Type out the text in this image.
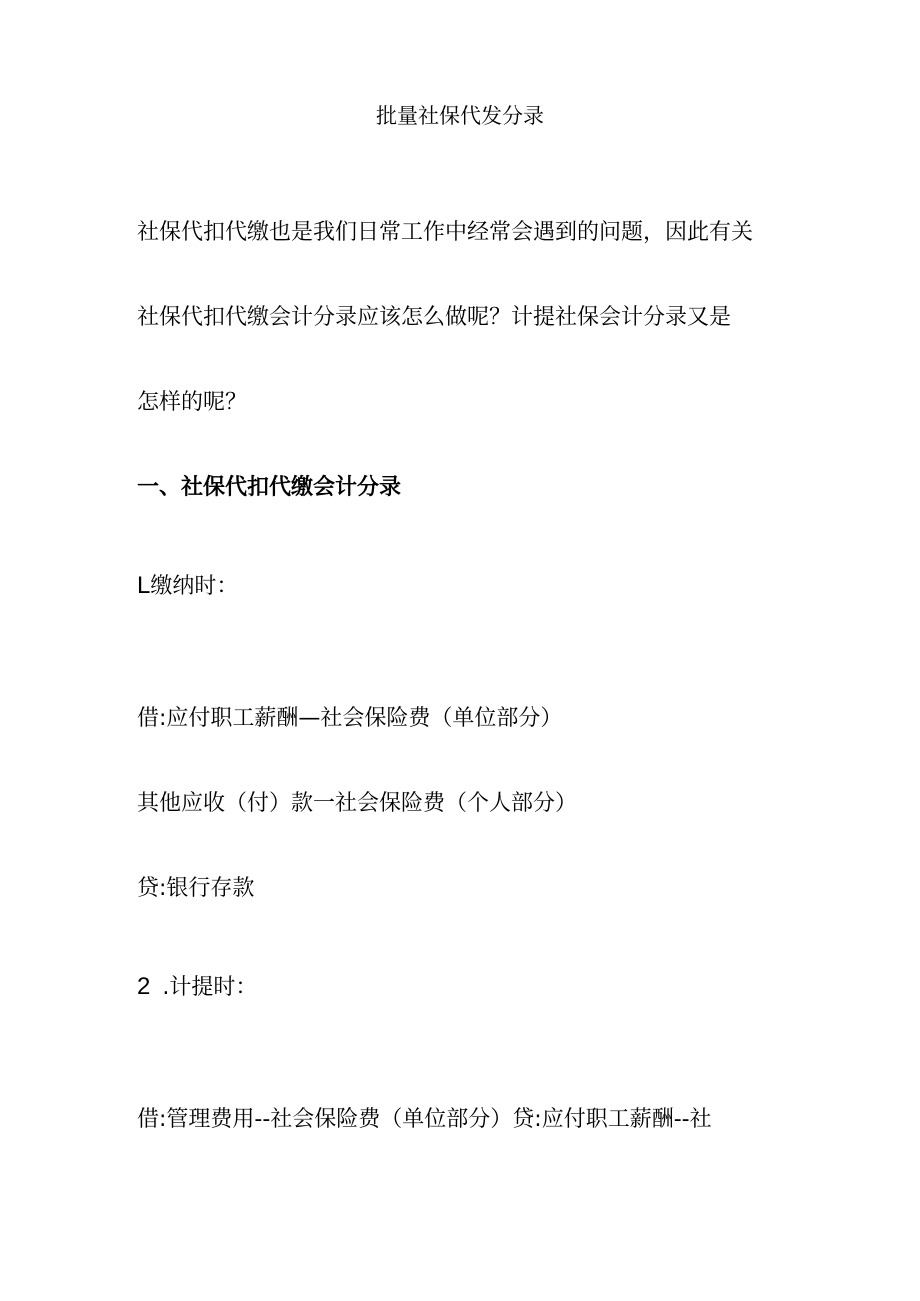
批量社保代发分录
社保代扣代缴也是我们日常工作中经常会遇到的问题，因此有关
社保代扣代缴会计分录应该怎么做呢？计提社保会计分录又是
怎样的呢？
一、社保代扣代缴会计分录
L缴纳时：
借:应付职工薪酬—社会保险费（单位部分）
其他应收（付）款一社会保险费（个人部分）
贷:银行存款
2 .计提时：
借:管理费用--社会保险费（单位部分）贷:应付职工薪酬--社
